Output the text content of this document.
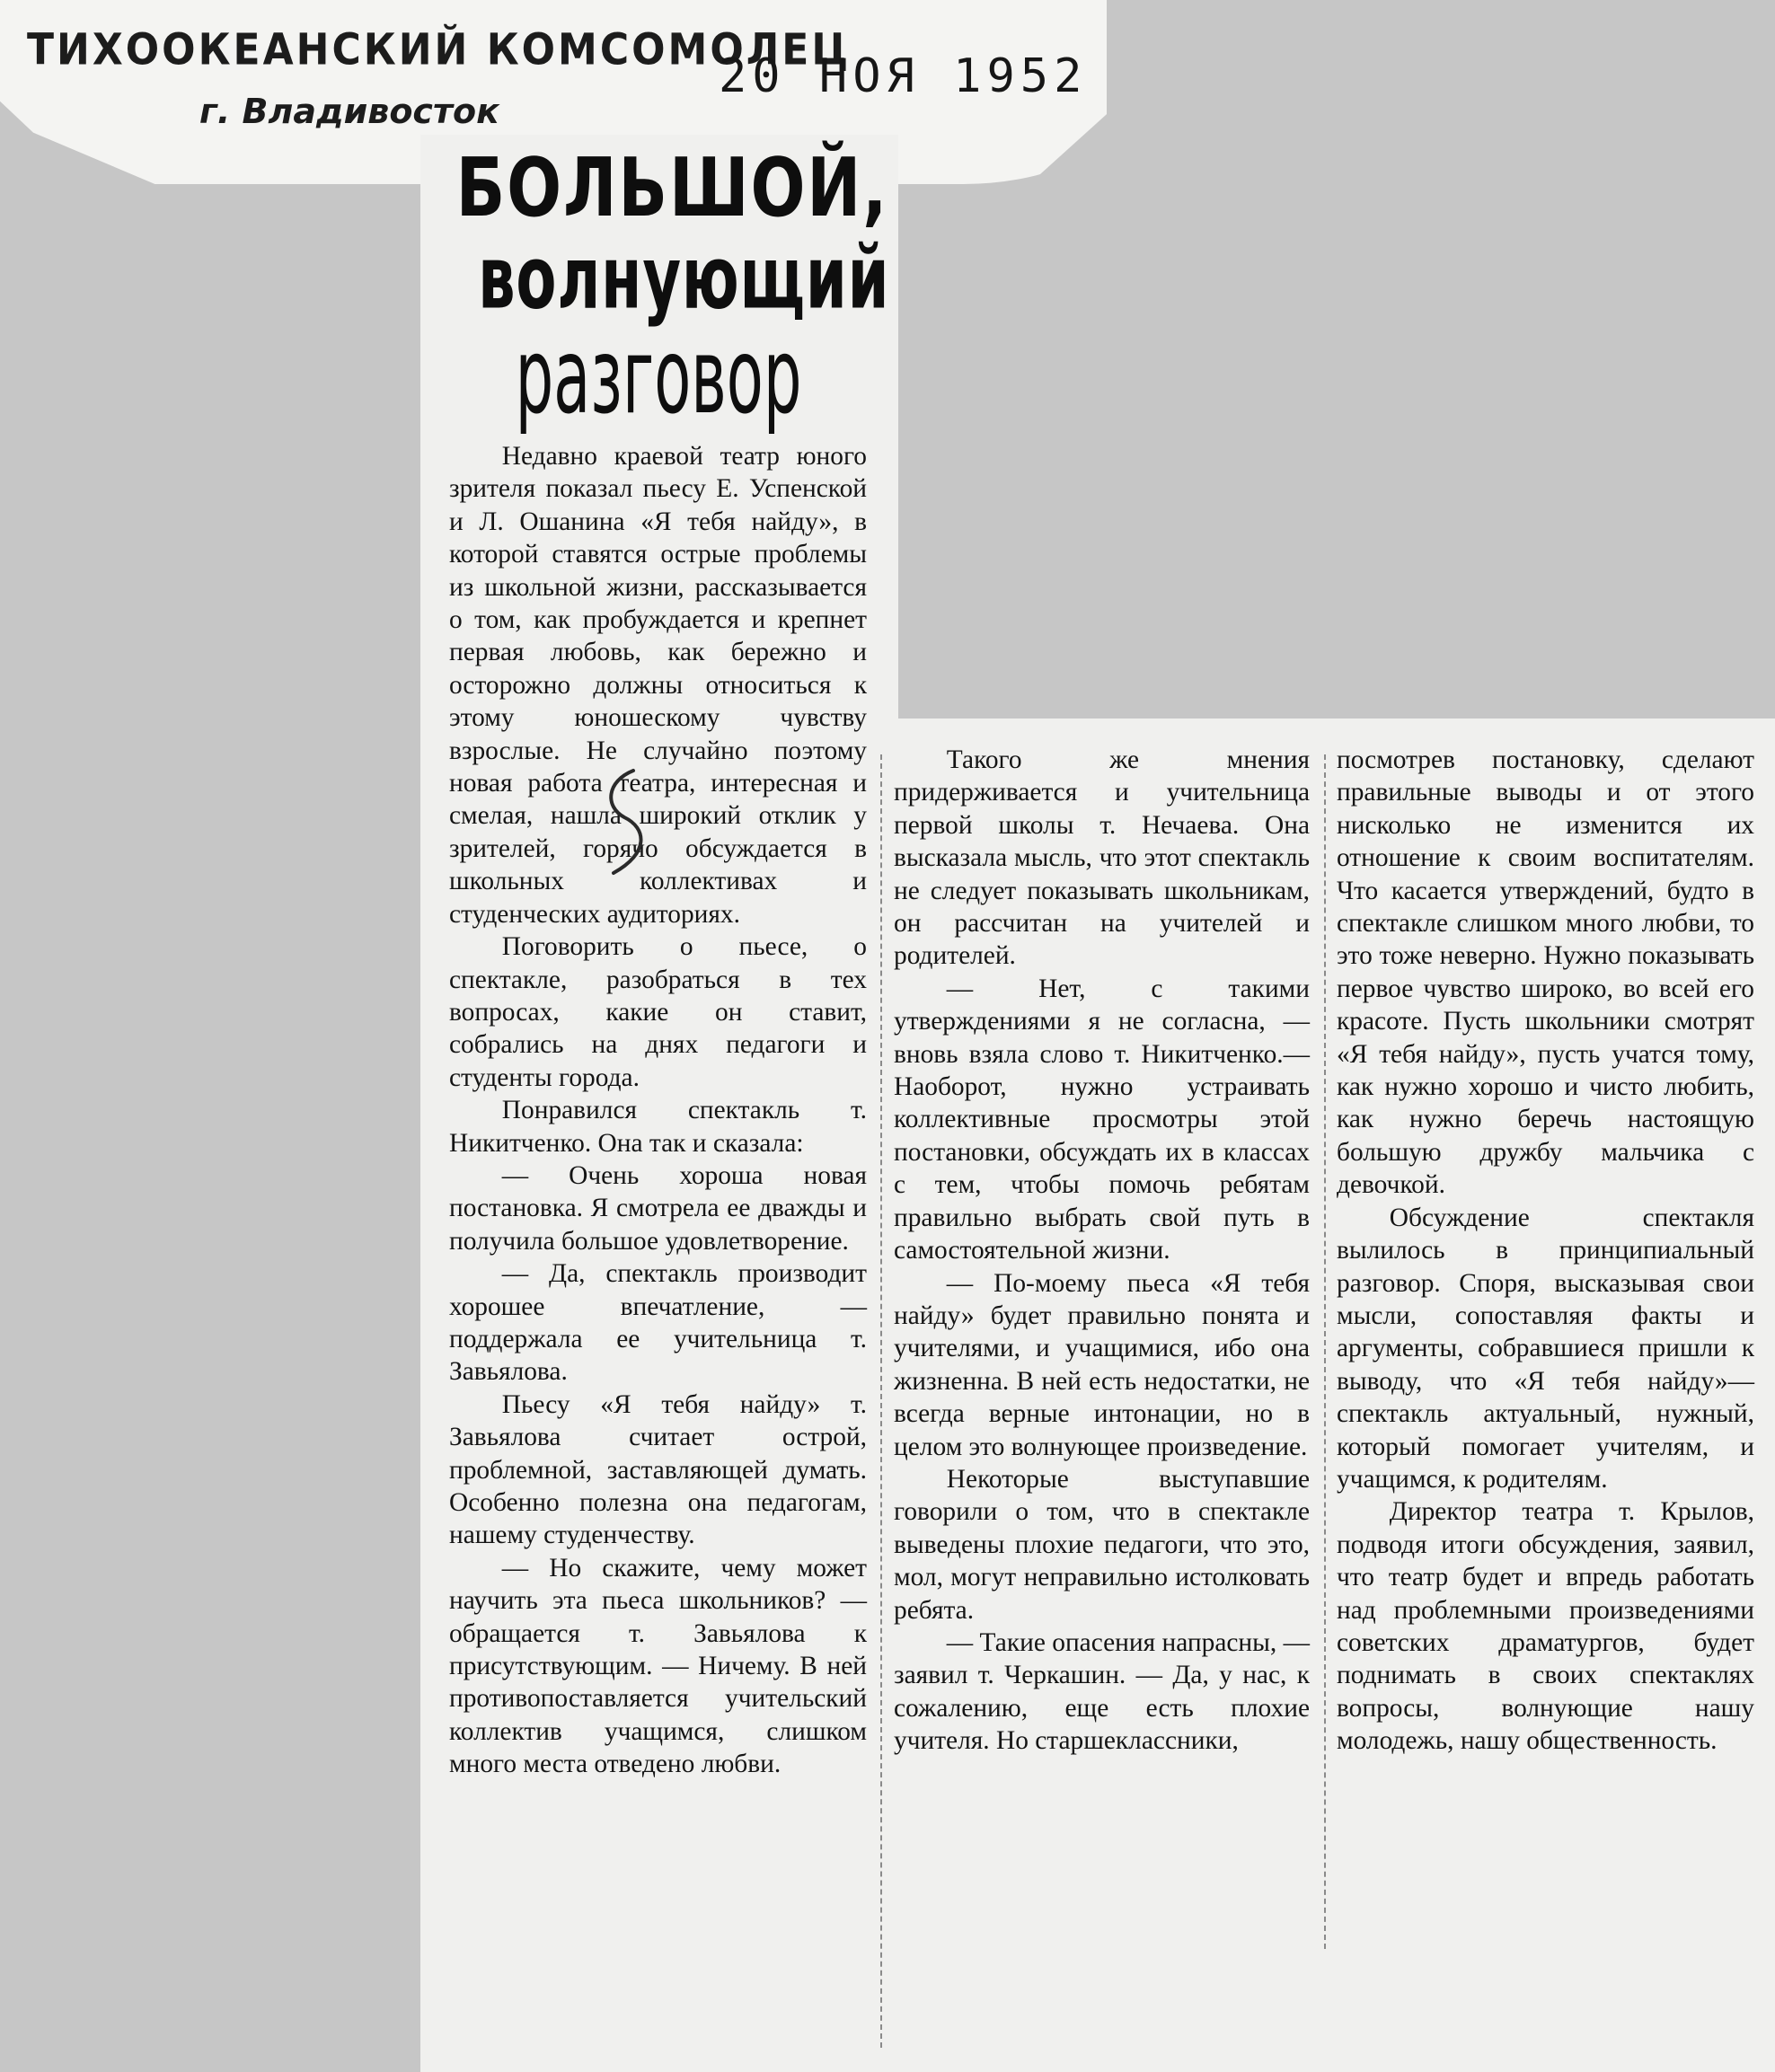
ТИХООКЕАНСКИЙ КОМСОМОЛЕЦ
г. Владивосток
20 НОЯ 1952
БОЛЬШОЙ,
волнующий
разговор

Недавно краевой театр юного зрителя показал пьесу Е. Успенской и Л. Ошанина «Я тебя найду», в которой ставятся острые проблемы из школьной жизни, рассказывается о том, как пробуждается и крепнет первая любовь, как бережно и осторожно должны относиться к этому юношескому чувству взрослые. Не случайно поэтому новая работа театра, интересная и смелая, нашла широкий отклик у зрителей, горячо обсуждается в школьных коллективах и студенческих аудиториях.

Поговорить о пьесе, о спектакле, разобраться в тех вопросах, какие он ставит, собрались на днях педагоги и студенты города.

Понравился спектакль т. Никитченко. Она так и сказала:

— Очень хороша новая постановка. Я смотрела ее дважды и получила большое удовлетворение.

— Да, спектакль производит хорошее впечатление, — поддержала ее учительница т. Завьялова.

Пьесу «Я тебя найду» т. Завьялова считает острой, проблемной, заставляющей думать. Особенно полезна она педагогам, нашему студенчеству.

— Но скажите, чему может научить эта пьеса школьников? — обращается т. Завьялова к присутствующим. — Ничему. В ней противопоставляется учительский коллектив учащимся, слишком много места отведено любви.

Такого же мнения придерживается и учительница первой школы т. Нечаева. Она высказала мысль, что этот спектакль не следует показывать школьникам, он рассчитан на учителей и родителей.

— Нет, с такими утверждениями я не согласна, — вновь взяла слово т. Никитченко.—Наоборот, нужно устраивать коллективные просмотры этой постановки, обсуждать их в классах с тем, чтобы помочь ребятам правильно выбрать свой путь в самостоятельной жизни.

— По-моему пьеса «Я тебя найду» будет правильно понята и учителями, и учащимися, ибо она жизненна. В ней есть недостатки, не всегда верные интонации, но в целом это волнующее произведение.

Некоторые выступавшие говорили о том, что в спектакле выведены плохие педагоги, что это, мол, могут неправильно истолковать ребята.

— Такие опасения напрасны, — заявил т. Черкашин. — Да, у нас, к сожалению, еще есть плохие учителя. Но старшеклассники,

посмотрев постановку, сделают правильные выводы и от этого нисколько не изменится их отношение к своим воспитателям. Что касается утверждений, будто в спектакле слишком много любви, то это тоже неверно. Нужно показывать первое чувство широко, во всей его красоте. Пусть школьники смотрят «Я тебя найду», пусть учатся тому, как нужно хорошо и чисто любить, как нужно беречь настоящую большую дружбу мальчика с девочкой.

Обсуждение спектакля вылилось в принципиальный разговор. Споря, высказывая свои мысли, сопоставляя факты и аргументы, собравшиеся пришли к выводу, что «Я тебя найду»— спектакль актуальный, нужный, который помогает учителям, и учащимся, к родителям.

Директор театра т. Крылов, подводя итоги обсуждения, заявил, что театр будет и впредь работать над проблемными произведениями советских драматургов, будет поднимать в своих спектаклях вопросы, волнующие нашу молодежь, нашу общественность.
